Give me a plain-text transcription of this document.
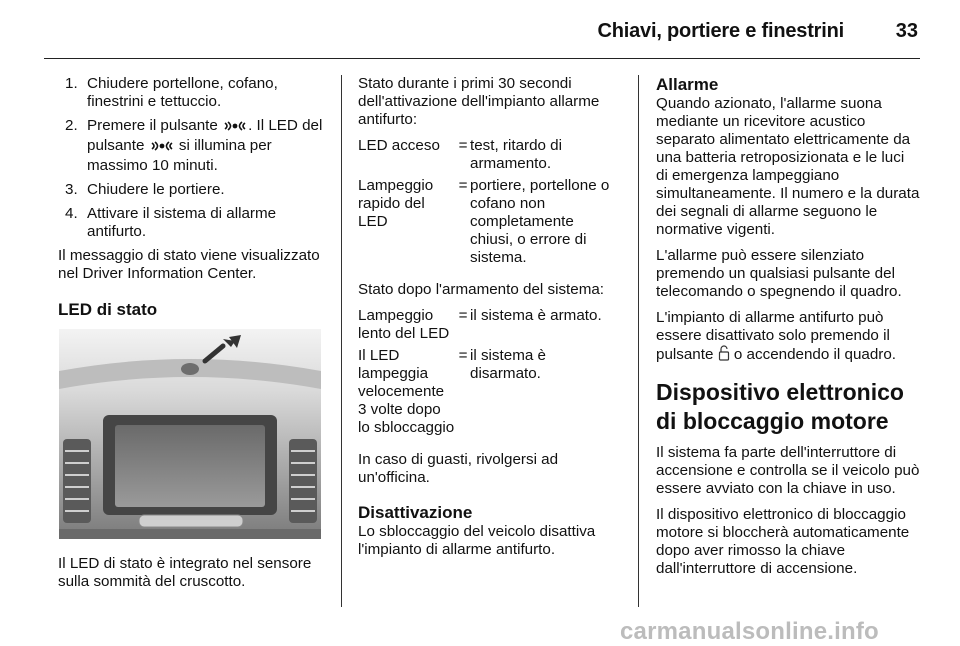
Chiavi, portiere e finestrini	33
1. Chiudere portellone, cofano, finestrini e tettuccio.
2. Premere il pulsante . Il LED del pulsante si illumina per massimo 10 minuti.
3. Chiudere le portiere.
4. Attivare il sistema di allarme antifurto.

Il messaggio di stato viene visualizzato nel Driver Information Center.

LED di stato

Il LED di stato è integrato nel sensore sulla sommità del cruscotto.

Stato durante i primi 30 secondi dell'attivazione dell'impianto allarme antifurto:

LED acceso	=	test, ritardo di armamento.
Lampeggio rapido del LED	=	portiere, portellone o cofano non completamente chiusi, o errore di sistema.

Stato dopo l'armamento del sistema:

Lampeggio lento del LED	=	il sistema è armato.
Il LED lampeggia velocemente 3 volte dopo lo sbloccaggio	=	il sistema è disarmato.

In caso di guasti, rivolgersi ad un'officina.

Disattivazione

Lo sbloccaggio del veicolo disattiva l'impianto di allarme antifurto.

Allarme

Quando azionato, l'allarme suona mediante un ricevitore acustico separato alimentato elettricamente da una batteria retroposizionata e le luci di emergenza lampeggiano simultaneamente. Il numero e la durata dei segnali di allarme seguono le normative vigenti.

L'allarme può essere silenziato premendo un qualsiasi pulsante del telecomando o spegnendo il quadro.

L'impianto di allarme antifurto può essere disattivato solo premendo il pulsante o accendendo il quadro.

Dispositivo elettronico di bloccaggio motore

Il sistema fa parte dell'interruttore di accensione e controlla se il veicolo può essere avviato con la chiave in uso.

Il dispositivo elettronico di bloccaggio motore si bloccherà automaticamente dopo aver rimosso la chiave dall'interruttore di accensione.

carmanualsonline.info
